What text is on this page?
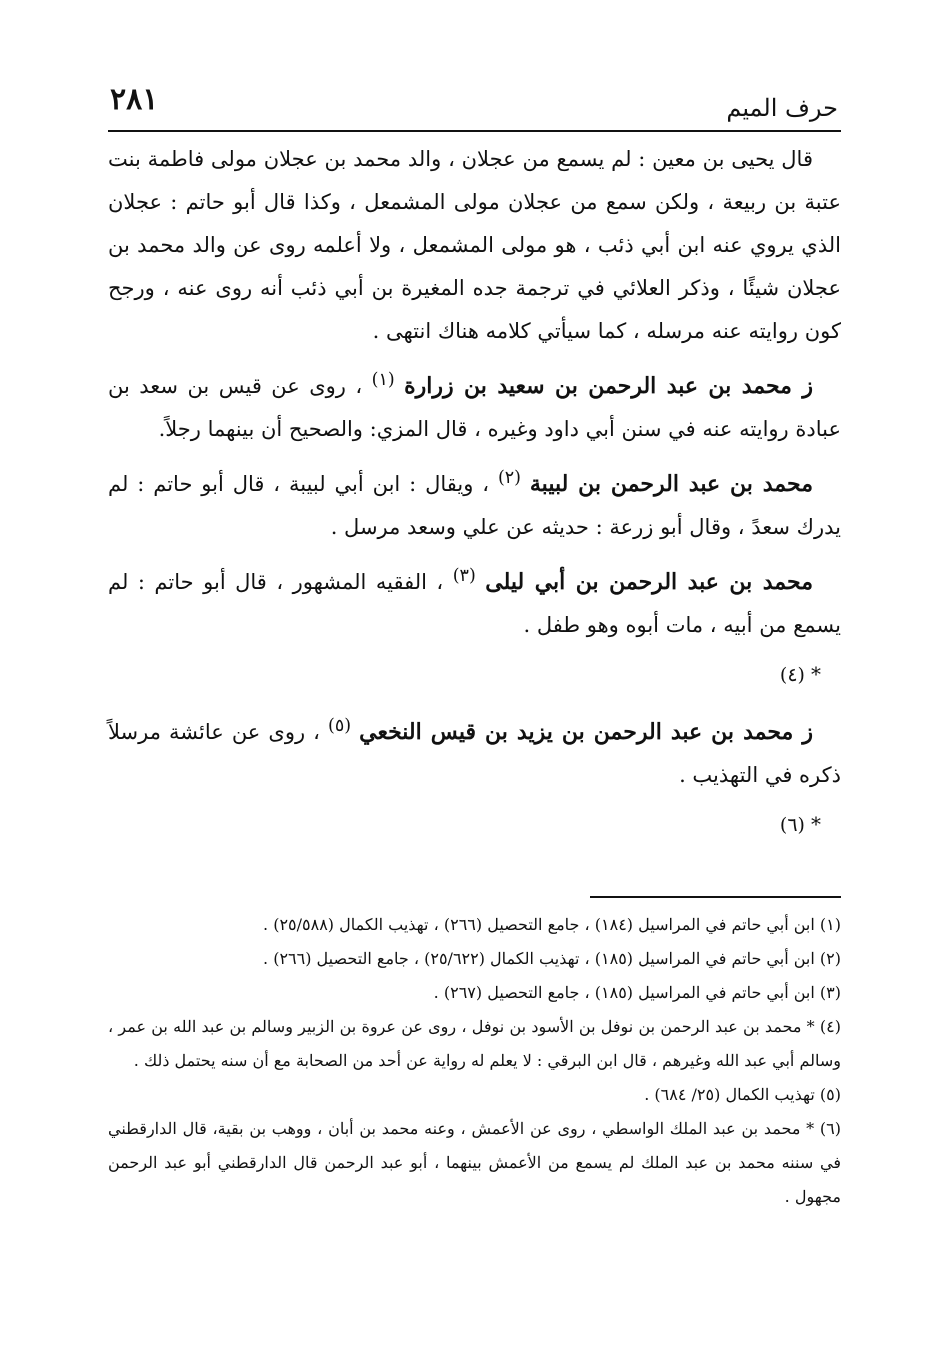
٢٨١	حرف الميم

قال يحيى بن معين : لم يسمع من عجلان ، والد محمد بن عجلان مولى فاطمة بنت عتبة بن ربيعة ، ولكن سمع من عجلان مولى المشمعل ، وكذا قال أبو حاتم : عجلان الذي يروي عنه ابن أبي ذئب ، هو مولى المشمعل ، ولا أعلمه روى عن والد محمد بن عجلان شيئًا ، وذكر العلائي في ترجمة جده المغيرة بن أبي ذئب أنه روى عنه ، ورجح كون روايته عنه مرسله ، كما سيأتي كلامه هناك انتهى .

ز محمد بن عبد الرحمن بن سعيد بن زرارة $^{(١)}$ ، روى عن قيس بن سعد بن عبادة روايته عنه في سنن أبي داود وغيره ، قال المزي: والصحيح أن بينهما رجلاً.

محمد بن عبد الرحمن بن لبيبة $^{(٢)}$ ، ويقال : ابن أبي لبيبة ، قال أبو حاتم : لم يدرك سعدً ، وقال أبو زرعة : حديثه عن علي وسعد مرسل .

محمد بن عبد الرحمن بن أبي ليلى $^{(٣)}$ ، الفقيه المشهور ، قال أبو حاتم : لم يسمع من أبيه ، مات أبوه وهو طفل .

* (٤)

ز محمد بن عبد الرحمن بن يزيد بن قيس النخعي $^{(٥)}$ ، روى عن عائشة مرسلاً ذكره في التهذيب .

* (٦)

(١) ابن أبي حاتم في المراسيل (١٨٤) ، جامع التحصيل (٢٦٦) ، تهذيب الكمال (٢٥/٥٨٨) .

(٢) ابن أبي حاتم في المراسيل (١٨٥) ، تهذيب الكمال (٢٥/٦٢٢) ، جامع التحصيل (٢٦٦) .

(٣) ابن أبي حاتم في المراسيل (١٨٥) ، جامع التحصيل (٢٦٧) .

(٤) * محمد بن عبد الرحمن بن نوفل بن الأسود بن نوفل ، روى عن عروة بن الزبير وسالم بن عبد الله بن عمر ، وسالم أبي عبد الله وغيرهم ، قال ابن البرقي : لا يعلم له رواية عن أحد من الصحابة مع أن سنه يحتمل ذلك .

(٥) تهذيب الكمال (٢٥/ ٦٨٤) .

(٦) * محمد بن عبد الملك الواسطي ، روى عن الأعمش ، وعنه محمد بن أبان ، ووهب بن بقية، قال الدارقطني في سننه محمد بن عبد الملك لم يسمع من الأعمش بينهما ، أبو عبد الرحمن قال الدارقطني أبو عبد الرحمن مجهول .
